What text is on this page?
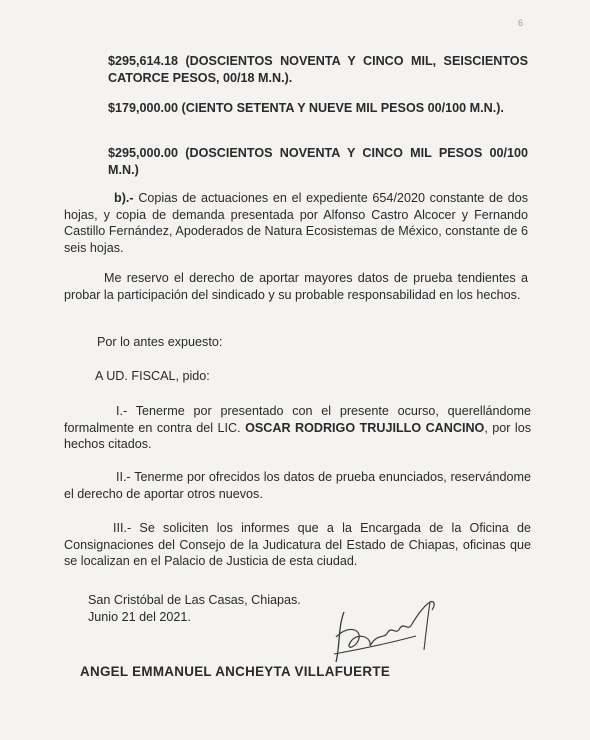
6
$295,614.18 (DOSCIENTOS NOVENTA Y CINCO MIL, SEISCIENTOS CATORCE PESOS, 00/18 M.N.).
$179,000.00 (CIENTO SETENTA Y NUEVE MIL PESOS 00/100 M.N.).
$295,000.00 (DOSCIENTOS NOVENTA Y CINCO MIL PESOS 00/100 M.N.)
b).- Copias de actuaciones en el expediente 654/2020 constante de dos hojas, y copia de demanda presentada por Alfonso Castro Alcocer y Fernando Castillo Fernández, Apoderados de Natura Ecosistemas de México, constante de 6 seis hojas.
Me reservo el derecho de aportar mayores datos de prueba tendientes a probar la participación del sindicado y su probable responsabilidad en los hechos.
Por lo antes expuesto:
A UD. FISCAL, pido:
I.- Tenerme por presentado con el presente ocurso, querellándome formalmente en contra del LIC. OSCAR RODRIGO TRUJILLO CANCINO, por los hechos citados.
II.- Tenerme por ofrecidos los datos de prueba enunciados, reservándome el derecho de aportar otros nuevos.
III.- Se soliciten los informes que a la Encargada de la Oficina de Consignaciones del Consejo de la Judicatura del Estado de Chiapas, oficinas que se localizan en el Palacio de Justicia de esta ciudad.
San Cristóbal de Las Casas, Chiapas.
Junio 21 del 2021.
ANGEL EMMANUEL ANCHEYTA VILLAFUERTE
